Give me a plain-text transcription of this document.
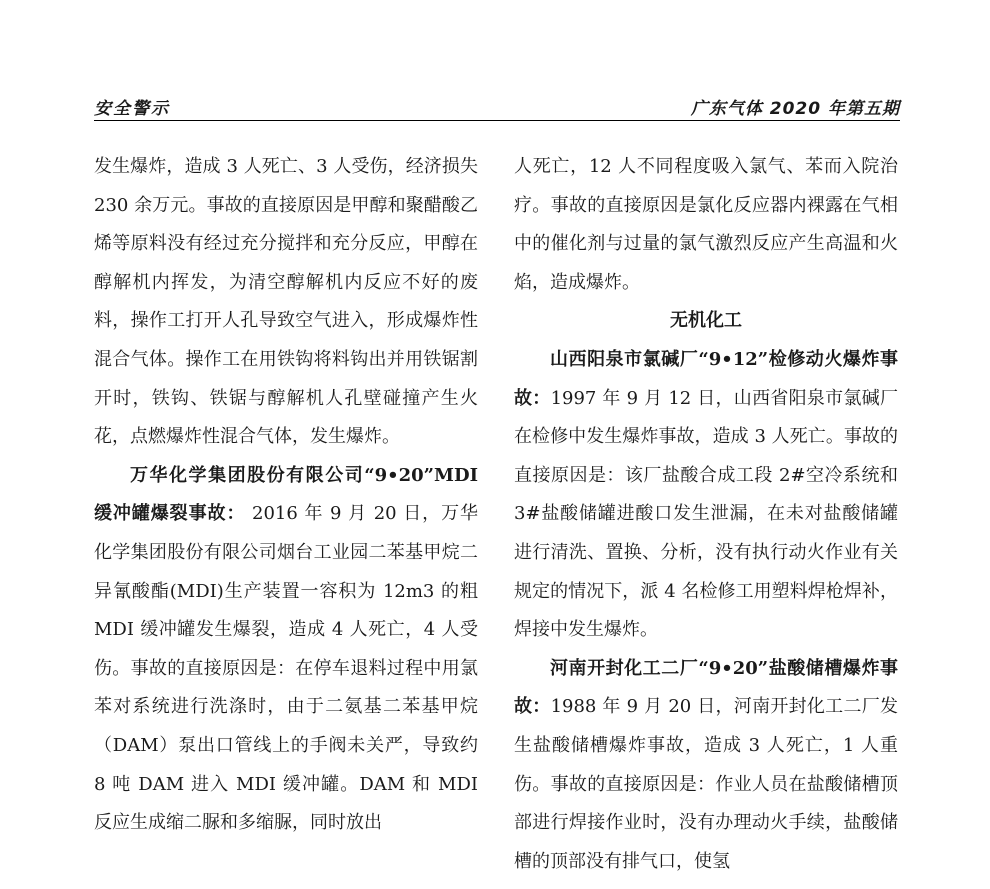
安全警示	广东气体 2020 年第五期

发生爆炸，造成 3 人死亡、3 人受伤，经济损失 230 余万元。事故的直接原因是甲醇和聚醋酸乙烯等原料没有经过充分搅拌和充分反应，甲醇在醇解机内挥发，为清空醇解机内反应不好的废料，操作工打开人孔导致空气进入，形成爆炸性混合气体。操作工在用铁钩将料钩出并用铁锯割开时，铁钩、铁锯与醇解机人孔壁碰撞产生火花，点燃爆炸性混合气体，发生爆炸。

万华化学集团股份有限公司“9•20”MDI 缓冲罐爆裂事故： 2016 年 9 月 20 日，万华化学集团股份有限公司烟台工业园二苯基甲烷二异氰酸酯(MDI)生产装置一容积为 12m3 的粗 MDI 缓冲罐发生爆裂，造成 4 人死亡，4 人受伤。事故的直接原因是：在停车退料过程中用氯苯对系统进行洗涤时，由于二氨基二苯基甲烷（DAM）泵出口管线上的手阀未关严，导致约 8 吨 DAM 进入 MDI 缓冲罐。DAM 和 MDI 反应生成缩二脲和多缩脲，同时放出

人死亡，12 人不同程度吸入氯气、苯而入院治疗。事故的直接原因是氯化反应器内裸露在气相中的催化剂与过量的氯气激烈反应产生高温和火焰，造成爆炸。

无机化工

山西阳泉市氯碱厂“9•12”检修动火爆炸事故：1997 年 9 月 12 日，山西省阳泉市氯碱厂在检修中发生爆炸事故，造成 3 人死亡。事故的直接原因是：该厂盐酸合成工段 2#空冷系统和 3#盐酸储罐进酸口发生泄漏，在未对盐酸储罐进行清洗、置换、分析，没有执行动火作业有关规定的情况下，派 4 名检修工用塑料焊枪焊补，焊接中发生爆炸。

河南开封化工二厂“9•20”盐酸储槽爆炸事故：1988 年 9 月 20 日，河南开封化工二厂发生盐酸储槽爆炸事故，造成 3 人死亡，1 人重伤。事故的直接原因是：作业人员在盐酸储槽顶部进行焊接作业时，没有办理动火手续，盐酸储槽的顶部没有排气口，使氢
